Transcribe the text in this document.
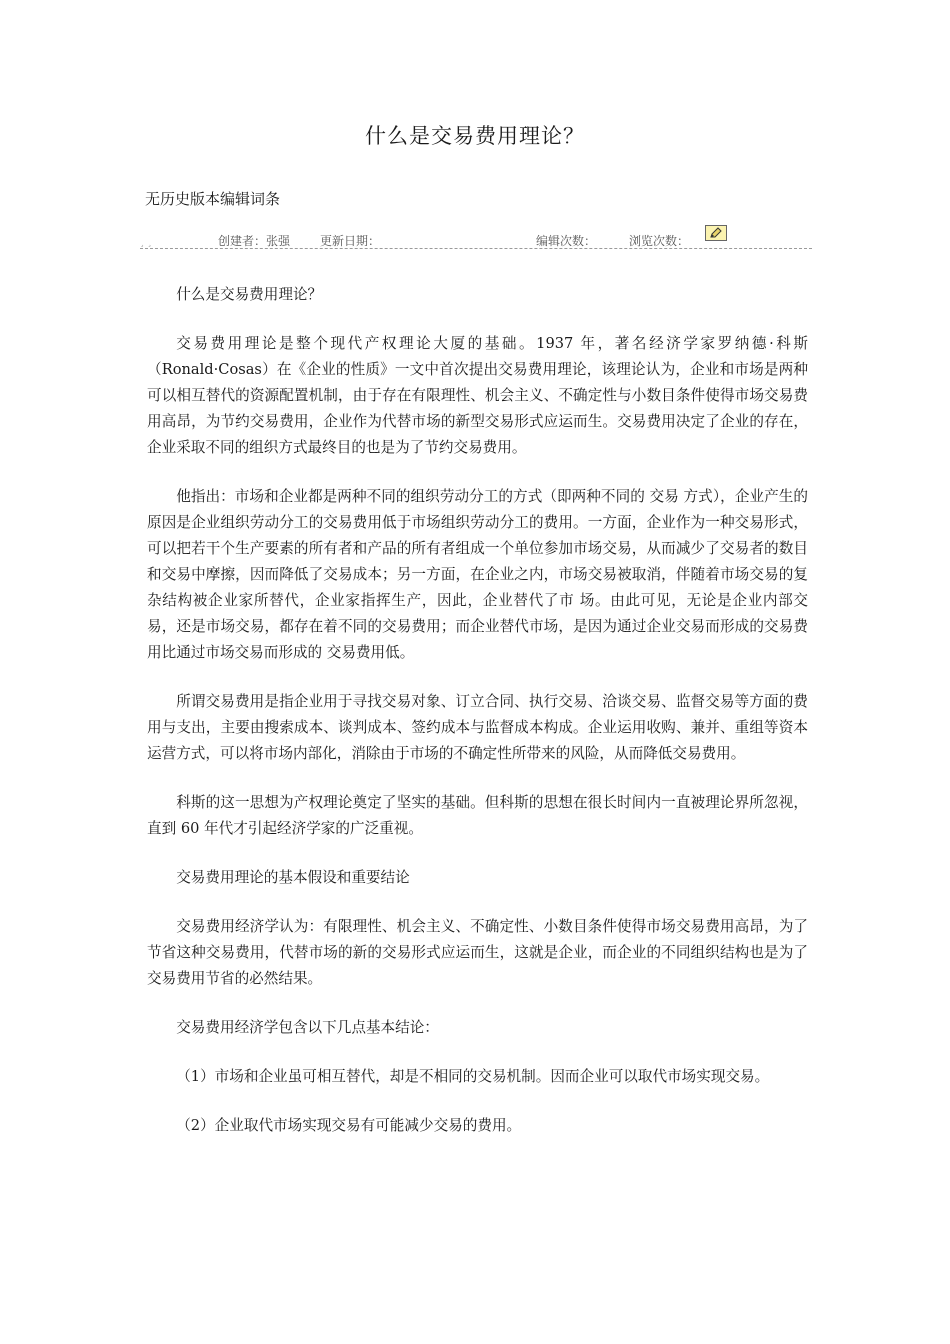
什么是交易费用理论？
无历史版本编辑词条
¸ ¸	创建者：张强 更新日期：	编辑次数：	浏览次数：

什么是交易费用理论？

交易费用理论是整个现代产权理论大厦的基础。1937 年，著名经济学家罗纳德·科斯（Ronald·Cosas）在《企业的性质》一文中首次提出交易费用理论，该理论认为，企业和市场是两种可以相互替代的资源配置机制，由于存在有限理性、机会主义、不确定性与小数目条件使得市场交易费用高昂，为节约交易费用，企业作为代替市场的新型交易形式应运而生。交易费用决定了企业的存在，企业采取不同的组织方式最终目的也是为了节约交易费用。

他指出：市场和企业都是两种不同的组织劳动分工的方式（即两种不同的 交易 方式），企业产生的原因是企业组织劳动分工的交易费用低于市场组织劳动分工的费用。一方面，企业作为一种交易形式，可以把若干个生产要素的所有者和产品的所有者组成一个单位参加市场交易，从而减少了交易者的数目和交易中摩擦，因而降低了交易成本；另一方面，在企业之内，市场交易被取消，伴随着市场交易的复杂结构被企业家所替代，企业家指挥生产，因此，企业替代了市 场。由此可见，无论是企业内部交易，还是市场交易，都存在着不同的交易费用；而企业替代市场，是因为通过企业交易而形成的交易费用比通过市场交易而形成的 交易费用低。

所谓交易费用是指企业用于寻找交易对象、订立合同、执行交易、洽谈交易、监督交易等方面的费用与支出，主要由搜索成本、谈判成本、签约成本与监督成本构成。企业运用收购、兼并、重组等资本运营方式，可以将市场内部化，消除由于市场的不确定性所带来的风险，从而降低交易费用。

科斯的这一思想为产权理论奠定了坚实的基础。但科斯的思想在很长时间内一直被理论界所忽视，直到 60 年代才引起经济学家的广泛重视。

交易费用理论的基本假设和重要结论

交易费用经济学认为：有限理性、机会主义、不确定性、小数目条件使得市场交易费用高昂，为了节省这种交易费用，代替市场的新的交易形式应运而生，这就是企业，而企业的不同组织结构也是为了交易费用节省的必然结果。

交易费用经济学包含以下几点基本结论：

（1）市场和企业虽可相互替代，却是不相同的交易机制。因而企业可以取代市场实现交易。

（2）企业取代市场实现交易有可能减少交易的费用。
